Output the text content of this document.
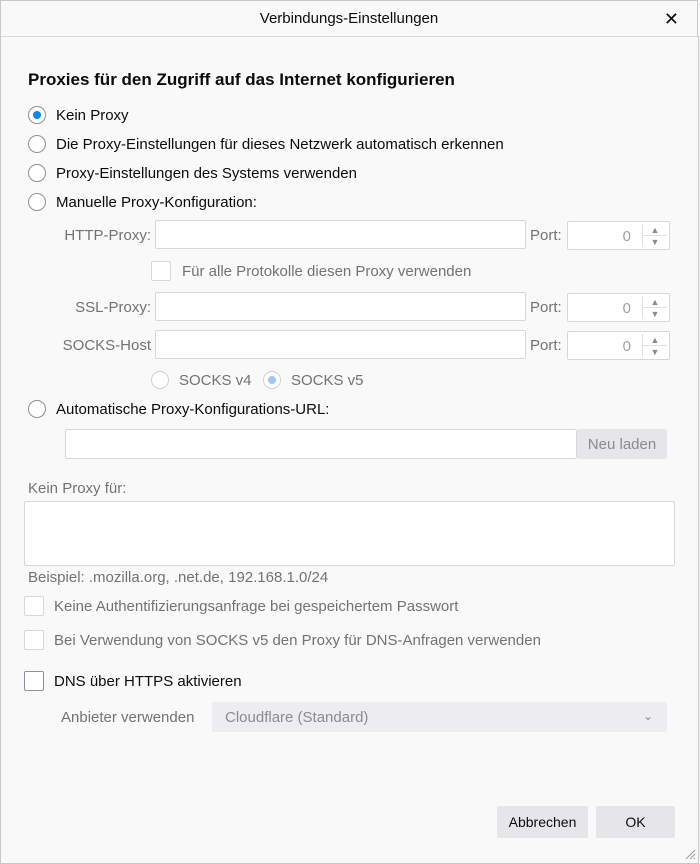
Verbindungs-Einstellungen	✕
Proxies für den Zugriff auf das Internet konfigurieren
Kein Proxy
Die Proxy-Einstellungen für dieses Netzwerk automatisch erkennen
Proxy-Einstellungen des Systems verwenden
Manuelle Proxy-Konfiguration:
HTTP-Proxy:	Port:	0	▲
▼
Für alle Protokolle diesen Proxy verwenden
SSL-Proxy:	Port:	0	▲
▼
SOCKS-Host	Port:	0	▲
▼
SOCKS v4	SOCKS v5
Automatische Proxy-Konfigurations-URL:
Neu laden
Kein Proxy für:
Beispiel: .mozilla.org, .net.de, 192.168.1.0/24
Keine Authentifizierungsanfrage bei gespeichertem Passwort
Bei Verwendung von SOCKS v5 den Proxy für DNS-Anfragen verwenden
DNS über HTTPS aktivieren
Anbieter verwenden Cloudflare (Standard)	⌄
Abbrechen	OK
